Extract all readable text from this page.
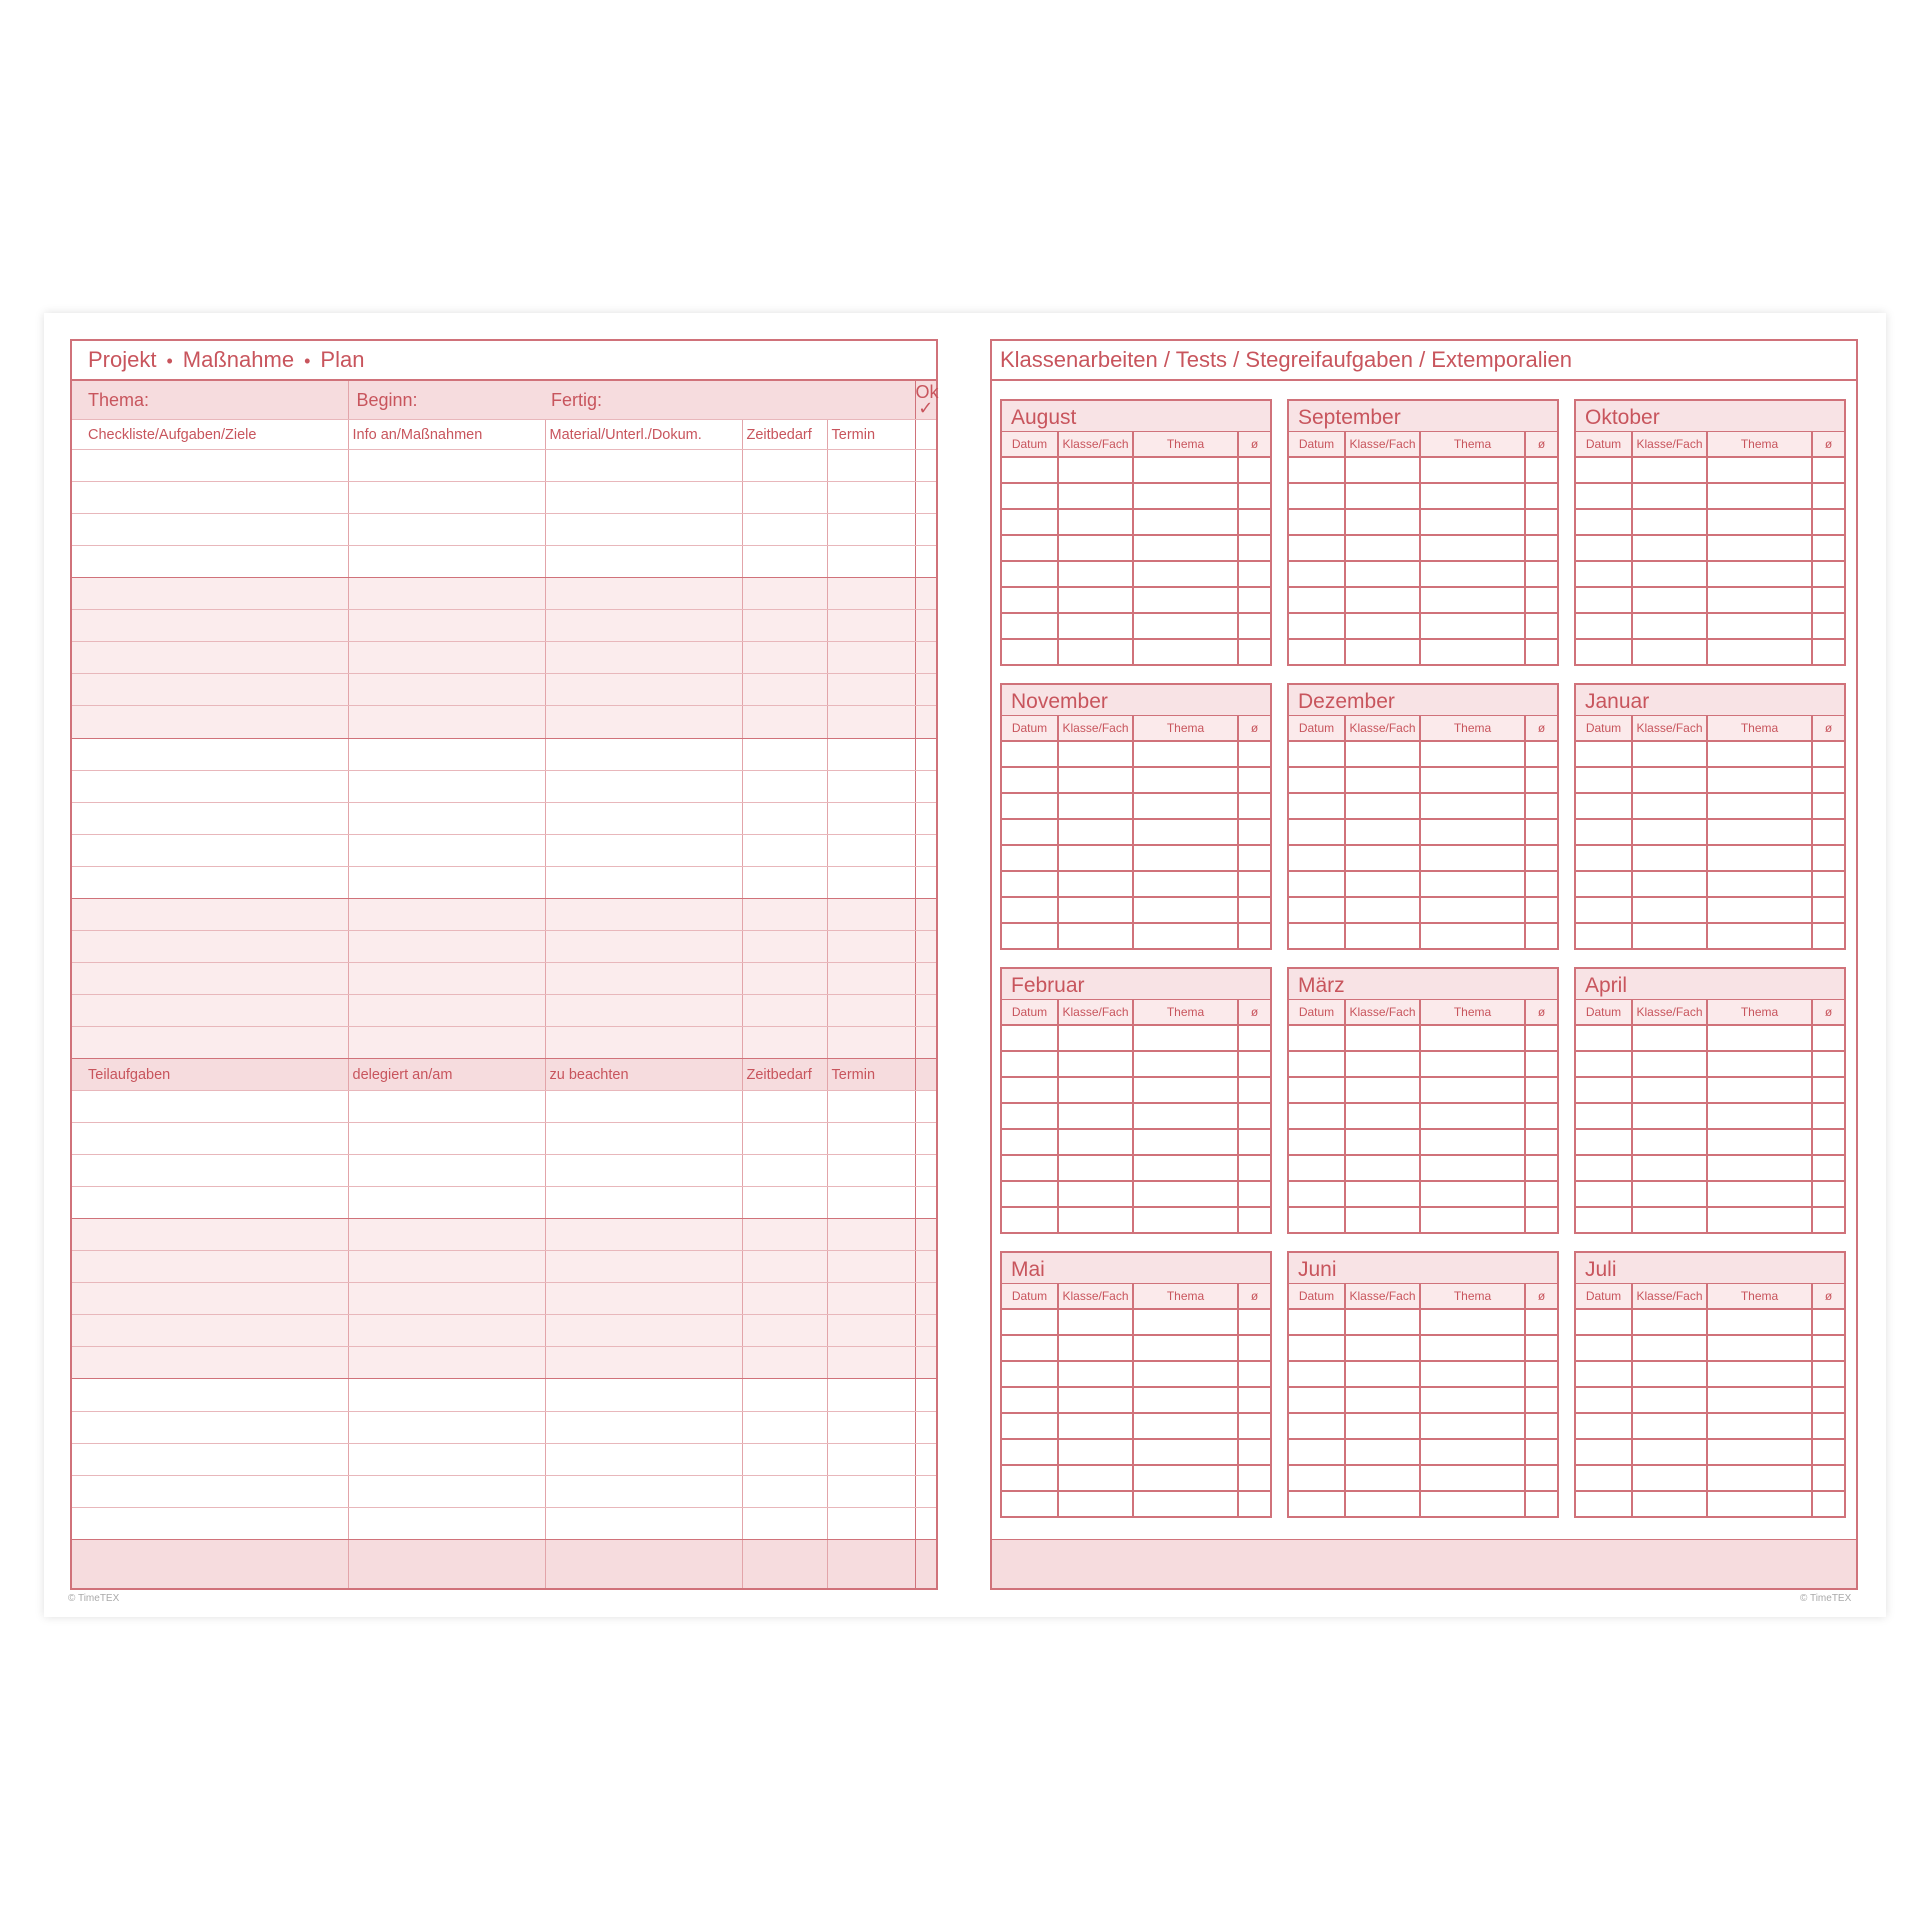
Projekt • Maßnahme • Plan
Thema:	Beginn:	Fertig:			Ok
✓
Checkliste/Aufgaben/Ziele	Info an/Maßnahmen	Material/Unterl./Dokum.	Zeitbedarf	Termin	

Teilaufgaben	delegiert an/am	zu beachten	Zeitbedarf	Termin	

Klassenarbeiten / Tests / Stegreifaufgaben / Extemporalien
August
Datum	Klasse/Fach	Thema	ø

September
Datum	Klasse/Fach	Thema	ø

Oktober
Datum	Klasse/Fach	Thema	ø

November
Datum	Klasse/Fach	Thema	ø

Dezember
Datum	Klasse/Fach	Thema	ø

Januar
Datum	Klasse/Fach	Thema	ø

Februar
Datum	Klasse/Fach	Thema	ø

März
Datum	Klasse/Fach	Thema	ø

April
Datum	Klasse/Fach	Thema	ø

Mai
Datum	Klasse/Fach	Thema	ø

Juni
Datum	Klasse/Fach	Thema	ø

Juli
Datum	Klasse/Fach	Thema	ø

© TimeTEX	© TimeTEX
